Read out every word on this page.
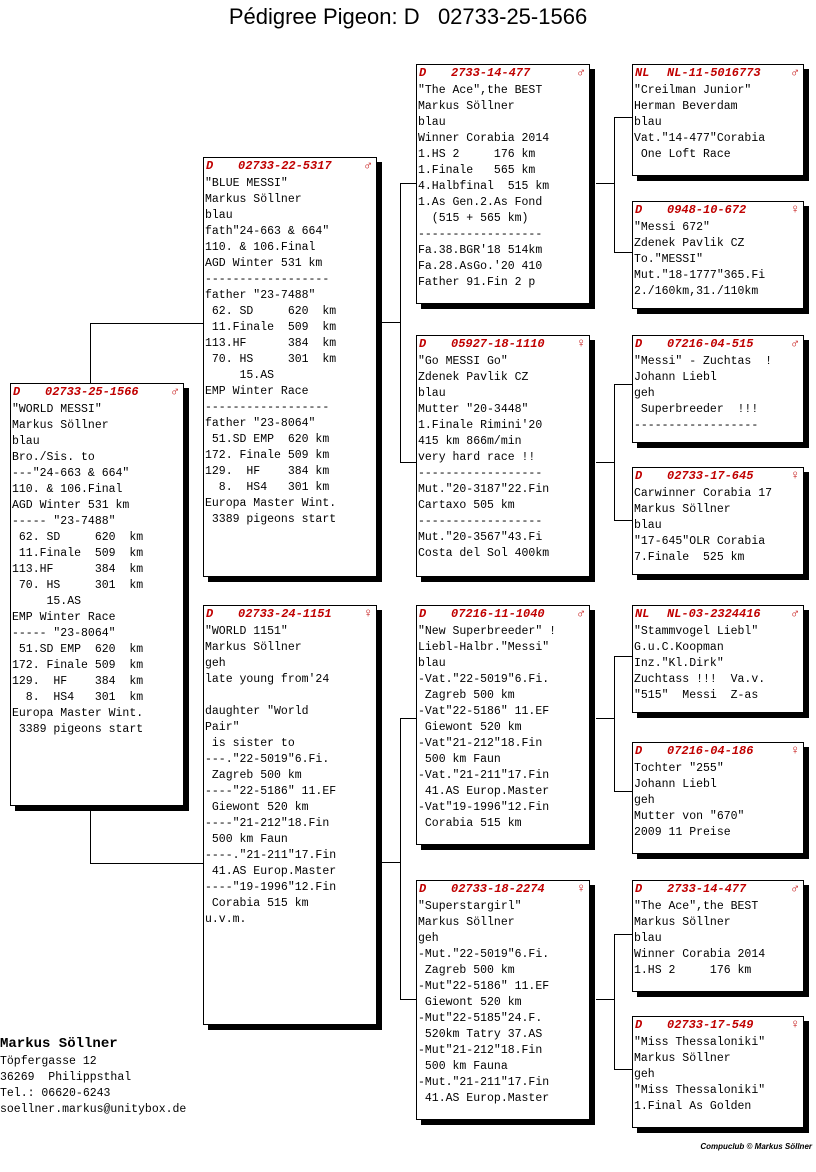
Pédigree Pigeon: D   02733-25-1566
D 02733-25-1566	♂
"WORLD MESSI"
Markus Söllner
blau
Bro./Sis. to
---"24-663 & 664"
110. & 106.Final
AGD Winter 531 km
----- "23-7488"
62. SD     620  km
11.Finale  509  km
113.HF      384  km
70. HS     301  km
15.AS
EMP Winter Race
----- "23-8064"
51.SD EMP  620  km
172. Finale 509  km
129.  HF    384  km
8.  HS4   301  km
Europa Master Wint.
3389 pigeons start
D 02733-22-5317	♂
"BLUE MESSI"
Markus Söllner
blau
fath"24-663 & 664"
110. & 106.Final
AGD Winter 531 km
------------------
father "23-7488"
62. SD     620  km
11.Finale  509  km
113.HF      384  km
70. HS     301  km
15.AS
EMP Winter Race
------------------
father "23-8064"
51.SD EMP  620 km
172. Finale 509 km
129.  HF    384 km
8.  HS4   301 km
Europa Master Wint.
3389 pigeons start
D 02733-24-1151	♀
"WORLD 1151"
Markus Söllner
geh
late young from'24
daughter "World
Pair"
is sister to
---."22-5019"6.Fi.
Zagreb 500 km
----"22-5186" 11.EF
Giewont 520 km
----"21-212"18.Fin
500 km Faun
----."21-211"17.Fin
41.AS Europ.Master
----"19-1996"12.Fin
Corabia 515 km
u.v.m.
D 2733-14-477	♂
"The Ace",the BEST
Markus Söllner
blau
Winner Corabia 2014
1.HS 2     176 km
1.Finale   565 km
4.Halbfinal  515 km
1.As Gen.2.As Fond
(515 + 565 km)
------------------
Fa.38.BGR'18 514km
Fa.28.AsGo.'20 410
Father 91.Fin 2 p
D 05927-18-1110	♀
"Go MESSI Go"
Zdenek Pavlik CZ
blau
Mutter "20-3448"
1.Finale Rimini'20
415 km 866m/min
very hard race !!
------------------
Mut."20-3187"22.Fin
Cartaxo 505 km
------------------
Mut."20-3567"43.Fi
Costa del Sol 400km
D 07216-11-1040	♂
"New Superbreeder" !
Liebl-Halbr."Messi"
blau
-Vat."22-5019"6.Fi.
Zagreb 500 km
-Vat"22-5186" 11.EF
Giewont 520 km
-Vat"21-212"18.Fin
500 km Faun
-Vat."21-211"17.Fin
41.AS Europ.Master
-Vat"19-1996"12.Fin
Corabia 515 km
D 02733-18-2274	♀
"Superstargirl"
Markus Söllner
geh
-Mut."22-5019"6.Fi.
Zagreb 500 km
-Mut"22-5186" 11.EF
Giewont 520 km
-Mut"22-5185"24.F.
520km Tatry 37.AS
-Mut"21-212"18.Fin
500 km Fauna
-Mut."21-211"17.Fin
41.AS Europ.Master
NL NL-11-5016773 ♂
"Creilman Junior"
Herman Beverdam
blau
Vat."14-477"Corabia
One Loft Race
D 0948-10-672	♀
"Messi 672"
Zdenek Pavlik CZ
To."MESSI"
Mut."18-1777"365.Fi
2./160km,31./110km
D 07216-04-515	♂
"Messi" - Zuchtas  !
Johann Liebl
geh
Superbreeder  !!!
------------------
D 02733-17-645	♀
Carwinner Corabia 17
Markus Söllner
blau
"17-645"OLR Corabia
7.Finale  525 km
NL NL-03-2324416 ♂
"Stammvogel Liebl"
G.u.C.Koopman
Inz."Kl.Dirk"
Zuchtass !!!  Va.v.
"515"  Messi  Z-as
D 07216-04-186	♀
Tochter "255"
Johann Liebl
geh
Mutter von "670"
2009 11 Preise
D 2733-14-477	♂
"The Ace",the BEST
Markus Söllner
blau
Winner Corabia 2014
1.HS 2     176 km
D 02733-17-549	♀
"Miss Thessaloniki"
Markus Söllner
geh
"Miss Thessaloniki"
1.Final As Golden
Markus Söllner
Töpfergasse 12
36269  Philippsthal
Tel.: 06620-6243
soellner.markus@unitybox.de
Compuclub © Markus Söllner
